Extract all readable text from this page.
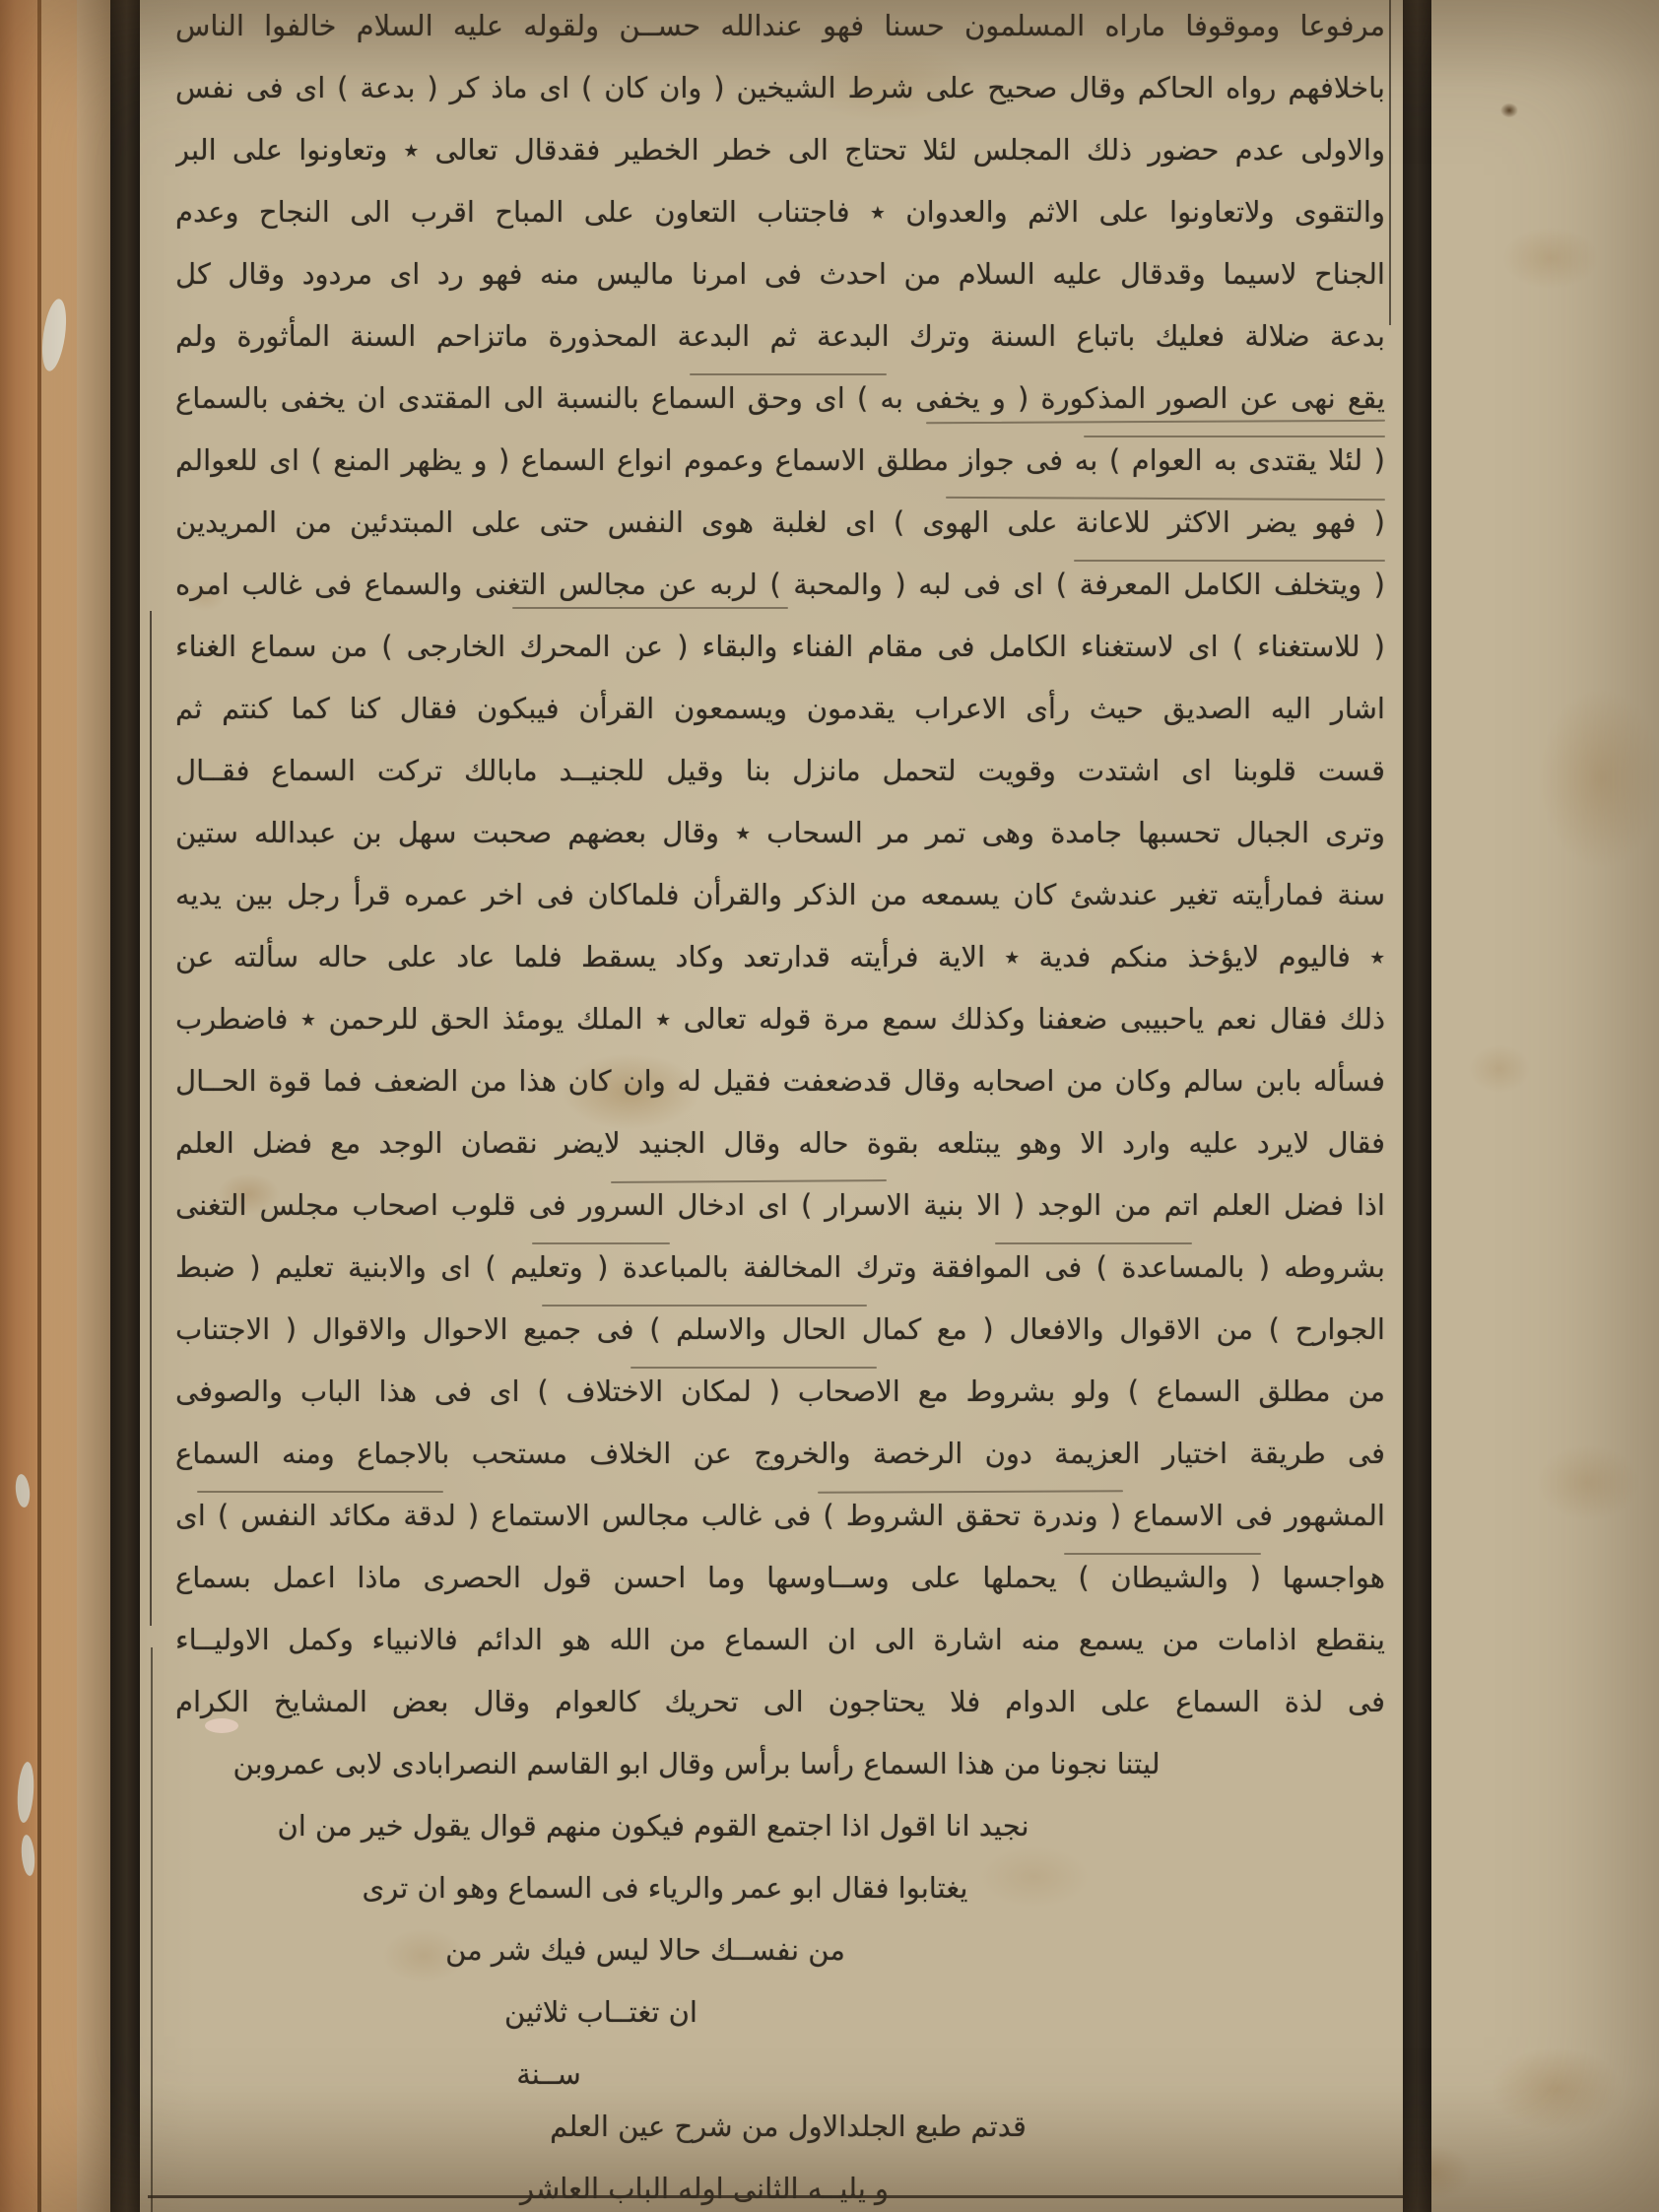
مرفوعا وموقوفا ماراه المسلمون حسنا فهو عندالله حســن ولقوله عليه السلام خالفوا الناس
باخلافهم رواه الحاكم وقال صحيح على شرط الشيخين ( وان كان ) اى ماذ كر ( بدعة ) اى فى نفس
والاولى عدم حضور ذلك المجلس لئلا تحتاج الى خطر الخطير فقدقال تعالى ٭ وتعاونوا على البر
والتقوى ولاتعاونوا على الاثم والعدوان ٭ فاجتناب التعاون على المباح اقرب الى النجاح وعدم
الجناح لاسيما وقدقال عليه السلام من احدث فى امرنا ماليس منه فهو رد اى مردود وقال كل
بدعة ضلالة فعليك باتباع السنة وترك البدعة ثم البدعة المحذورة ماتزاحم السنة المأثورة ولم
يقع نهى عن الصور المذكورة ( و يخفى به ) اى وحق السماع بالنسبة الى المقتدى ان يخفى بالسماع
( لئلا يقتدى به العوام ) به فى جواز مطلق الاسماع وعموم انواع السماع ( و يظهر المنع ) اى للعوالم
( فهو يضر الاكثر للاعانة على الهوى ) اى لغلبة هوى النفس حتى على المبتدئين من المريدين
( ويتخلف الكامل المعرفة ) اى فى لبه ( والمحبة ) لربه عن مجالس التغنى والسماع فى غالب امره
( للاستغناء ) اى لاستغناء الكامل فى مقام الفناء والبقاء ( عن المحرك الخارجى ) من سماع الغناء
اشار اليه الصديق حيث رأى الاعراب يقدمون ويسمعون القرأن فيبكون فقال كنا كما كنتم ثم
قست قلوبنا اى اشتدت وقويت لتحمل مانزل بنا وقيل للجنيــد مابالك تركت السماع فقــال
وترى الجبال تحسبها جامدة وهى تمر مر السحاب ٭ وقال بعضهم صحبت سهل بن عبدالله ستين
سنة فمارأيته تغير عندشئ كان يسمعه من الذكر والقرأن فلماكان فى اخر عمره قرأ رجل بين يديه
٭ فاليوم لايؤخذ منكم فدية ٭ الاية فرأيته قدارتعد وكاد يسقط فلما عاد على حاله سألته عن
ذلك فقال نعم ياحبيبى ضعفنا وكذلك سمع مرة قوله تعالى ٭ الملك يومئذ الحق للرحمن ٭ فاضطرب
فسأله بابن سالم وكان من اصحابه وقال قدضعفت فقيل له وان كان هذا من الضعف فما قوة الحــال
فقال لايرد عليه وارد الا وهو يبتلعه بقوة حاله وقال الجنيد لايضر نقصان الوجد مع فضل العلم
اذا فضل العلم اتم من الوجد ( الا بنية الاسرار ) اى ادخال السرور فى قلوب اصحاب مجلس التغنى
بشروطه ( بالمساعدة ) فى الموافقة وترك المخالفة بالمباعدة ( وتعليم ) اى والابنية تعليم ( ضبط
الجوارح ) من الاقوال والافعال ( مع كمال الحال والاسلم ) فى جميع الاحوال والاقوال ( الاجتناب
من مطلق السماع ) ولو بشروط مع الاصحاب ( لمكان الاختلاف ) اى فى هذا الباب والصوفى
فى طريقة اختيار العزيمة دون الرخصة والخروج عن الخلاف مستحب بالاجماع ومنه السماع
المشهور فى الاسماع ( وندرة تحقق الشروط ) فى غالب مجالس الاستماع ( لدقة مكائد النفس ) اى
هواجسها ( والشيطان ) يحملها على وســاوسها وما احسن قول الحصرى ماذا اعمل بسماع
ينقطع اذامات من يسمع منه اشارة الى ان السماع من الله هو الدائم فالانبياء وكمل الاوليــاء
فى لذة السماع على الدوام فلا يحتاجون الى تحريك كالعوام وقال بعض المشايخ الكرام
ليتنا نجونا من هذا السماع رأسا برأس وقال ابو القاسم النصرابادى لابى عمروبن
نجيد انا اقول اذا اجتمع القوم فيكون منهم قوال يقول خير من ان
يغتابوا فقال ابو عمر والرياء فى السماع وهو ان ترى
من نفســك حالا ليس فيك شر من
ان تغتــاب ثلاثين
ســنة
قدتم طبع الجلدالاول من شرح عين العلم
و يليــه الثانى اوله الباب العاشر
